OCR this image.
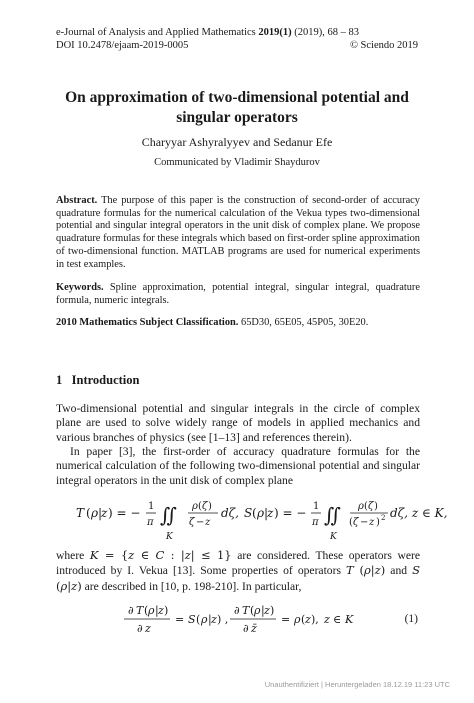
e-Journal of Analysis and Applied Mathematics 2019(1) (2019), 68 – 83
DOI 10.2478/ejaam-2019-0005	© Sciendo 2019
On approximation of two-dimensional potential and singular operators
Charyyar Ashyralyyev and Sedanur Efe
Communicated by Vladimir Shaydurov
Abstract. The purpose of this paper is the construction of second-order of accuracy quadrature formulas for the numerical calculation of the Vekua types two-dimensional potential and singular integral operators in the unit disk of complex plane. We propose quadrature formulas for these integrals which based on first-order spline approximation of two-dimensional function. MATLAB programs are used for numerical experiments in test examples.
Keywords. Spline approximation, potential integral, singular integral, quadrature formula, numeric integrals.
2010 Mathematics Subject Classification. 65D30, 65E05, 45P05, 30E20.
1 Introduction
Two-dimensional potential and singular integrals in the circle of complex plane are used to solve widely range of models in applied mechanics and various branches of physics (see [1–13] and references therein).
In paper [3], the first-order of accuracy quadrature formulas for the numerical calculation of the following two-dimensional potential and singular integral operators in the unit disk of complex plane
T ( ρ |
z ) = − 1
π ∬
K
ρ ( ζ )
ζ − z
dζ, S ( ρ |
z ) = − 1
π ∬
K
ρ ( ζ )
( ζ − z ) 2 dζ, z ∈ K,
where K = {z ∈ C : |z| ≤ 1} are considered. These operators were introduced by I. Vekua [13]. Some properties of operators T (ρ|z) and S (ρ|z) are described in [10, p. 198-210]. In particular,
∂ T ( ρ | z )
∂ z
= S ( ρ | z ) ,
∂ T ( ρ | z )
∂ z̄
= ρ ( z ), z ∈ K	(1)
Unauthentifiziert | Heruntergeladen 18.12.19 11:23 UTC
